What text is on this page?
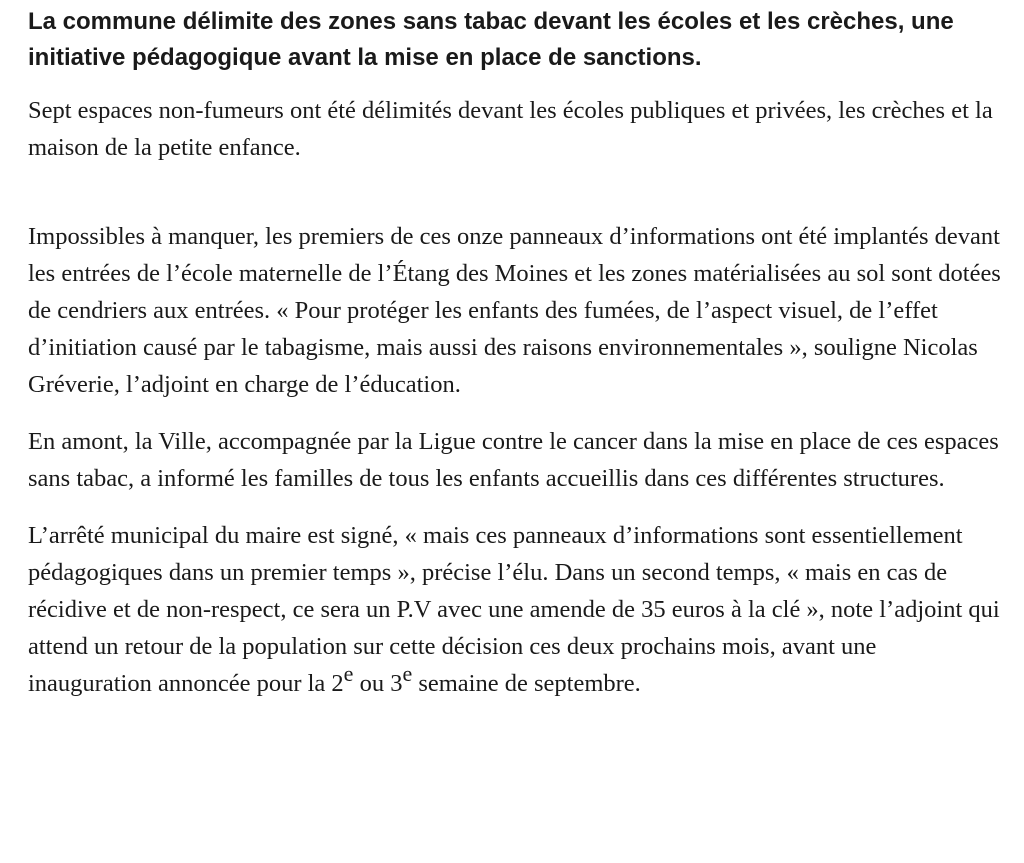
La commune délimite des zones sans tabac devant les écoles et les crèches, une initiative pédagogique avant la mise en place de sanctions.

Sept espaces non-fumeurs ont été délimités devant les écoles publiques et privées, les crèches et la maison de la petite enfance.

Impossibles à manquer, les premiers de ces onze panneaux d’informations ont été implantés devant les entrées de l’école maternelle de l’Étang des Moines et les zones matérialisées au sol sont dotées de cendriers aux entrées. « Pour protéger les enfants des fumées, de l’aspect visuel, de l’effet d’initiation causé par le tabagisme, mais aussi des raisons environnementales », souligne Nicolas Gréverie, l’adjoint en charge de l’éducation.

En amont, la Ville, accompagnée par la Ligue contre le cancer dans la mise en place de ces espaces sans tabac, a informé les familles de tous les enfants accueillis dans ces différentes structures.

L’arrêté municipal du maire est signé, « mais ces panneaux d’informations sont essentiellement pédagogiques dans un premier temps », précise l’élu. Dans un second temps, « mais en cas de récidive et de non-respect, ce sera un P.V avec une amende de 35 euros à la clé », note l’adjoint qui attend un retour de la population sur cette décision ces deux prochains mois, avant une inauguration annoncée pour la 2e ou 3e semaine de septembre.
